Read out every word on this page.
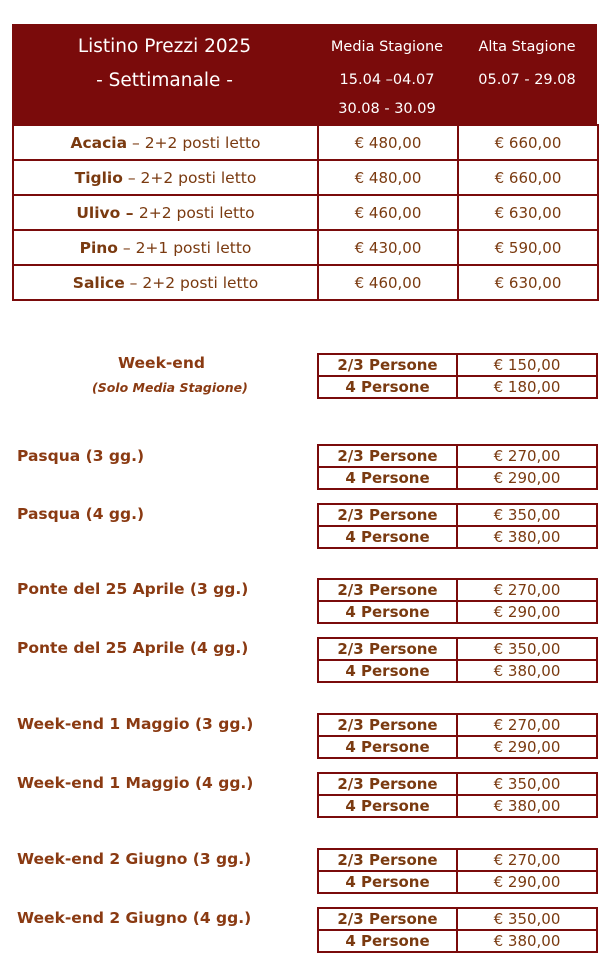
Listino Prezzi 2025
- Settimanale -
Media Stagione
15.04 –04.07
30.08 - 30.09
Alta Stagione
05.07 - 29.08
Acacia – 2+2 posti letto	€ 480,00	€ 660,00
Tiglio – 2+2 posti letto	€ 480,00	€ 660,00
Ulivo – 2+2 posti letto	€ 460,00	€ 630,00
Pino – 2+1 posti letto	€ 430,00	€ 590,00
Salice – 2+2 posti letto	€ 460,00	€ 630,00
Week-end
(Solo Media Stagione)
2/3 Persone	€ 150,00
4 Persone	€ 180,00
Pasqua (3 gg.)	2/3 Persone	€ 270,00
4 Persone	€ 290,00
Pasqua (4 gg.)	2/3 Persone	€ 350,00
4 Persone	€ 380,00
Ponte del 25 Aprile (3 gg.)	2/3 Persone	€ 270,00
4 Persone	€ 290,00
Ponte del 25 Aprile (4 gg.)	2/3 Persone	€ 350,00
4 Persone	€ 380,00
Week-end 1 Maggio (3 gg.)	2/3 Persone	€ 270,00
4 Persone	€ 290,00
Week-end 1 Maggio (4 gg.)	2/3 Persone	€ 350,00
4 Persone	€ 380,00
Week-end 2 Giugno (3 gg.)	2/3 Persone	€ 270,00
4 Persone	€ 290,00
Week-end 2 Giugno (4 gg.)	2/3 Persone	€ 350,00
4 Persone	€ 380,00
